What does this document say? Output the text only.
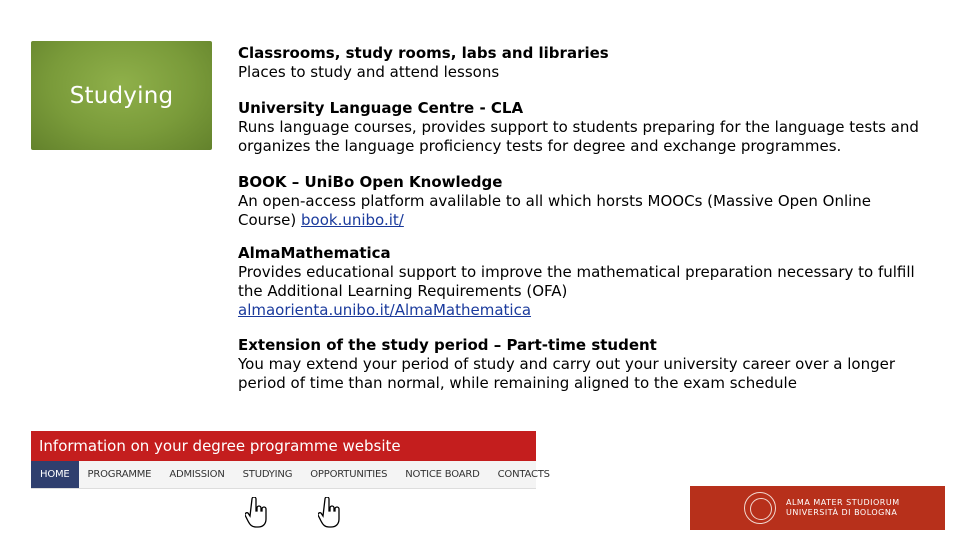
Studying
Classrooms, study rooms, labs and libraries
Places to study and attend lessons
University Language Centre - CLA
Runs language courses, provides support to students preparing for the language tests and organizes the language proficiency tests for degree and exchange programmes.
BOOK – UniBo Open Knowledge
An open-access platform avalilable to all which horsts MOOCs (Massive Open Online Course) book.unibo.it/
AlmaMathematica
Provides educational support to improve the mathematical preparation necessary to fulfill the Additional Learning Requirements (OFA)
almaorienta.unibo.it/AlmaMathematica
Extension of the study period – Part-time student
You may extend your period of study and carry out your university career over a longer period of time than normal, while remaining aligned to the exam schedule
Information on your degree programme website
HOME	PROGRAMME	ADMISSION	STUDYING	OPPORTUNITIES	NOTICE BOARD	CONTACTS
ALMA MATER STUDIORUM
UNIVERSITÀ DI BOLOGNA
